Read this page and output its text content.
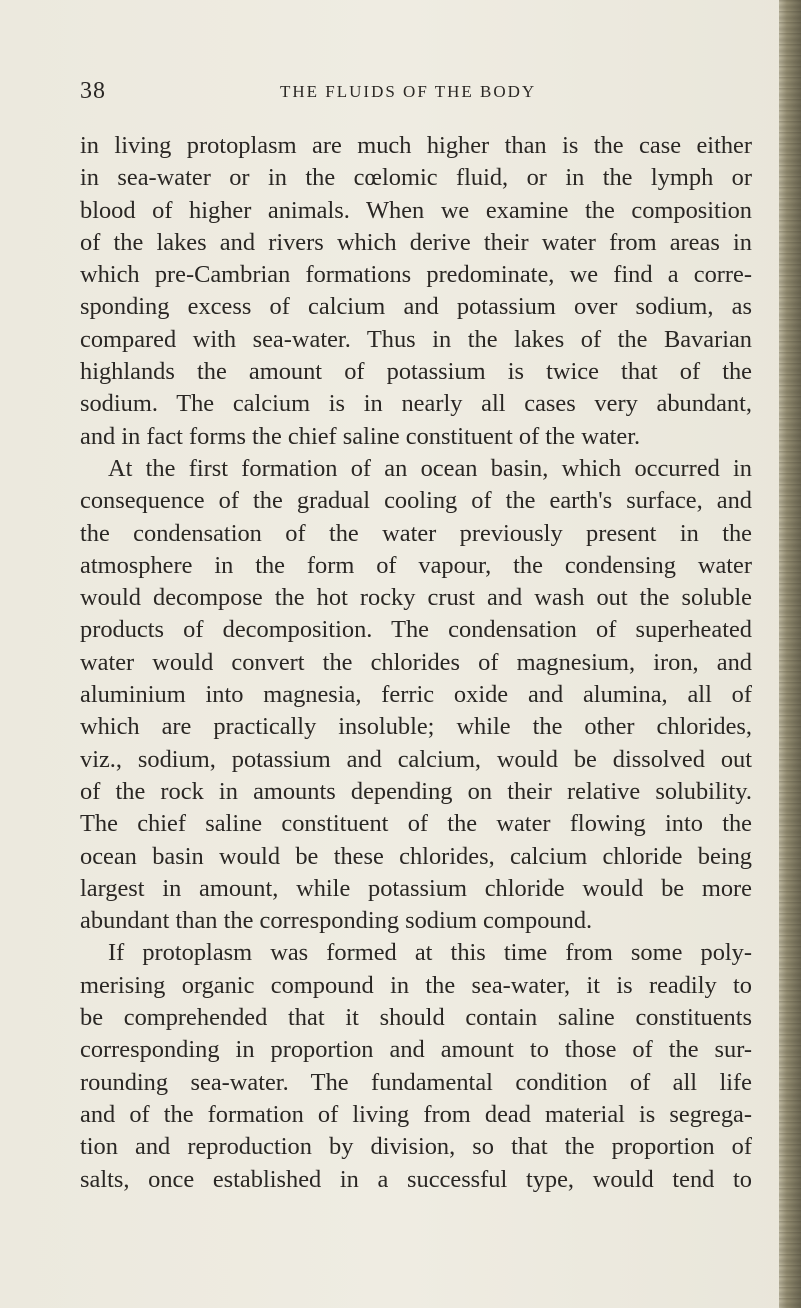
38	THE FLUIDS OF THE BODY
in living protoplasm are much higher than is the case either
in sea-water or in the cœlomic fluid, or in the lymph or
blood of higher animals. When we examine the composition
of the lakes and rivers which derive their water from areas in
which pre-Cambrian formations predominate, we find a corre-
sponding excess of calcium and potassium over sodium, as
compared with sea-water. Thus in the lakes of the Bavarian
highlands the amount of potassium is twice that of the
sodium. The calcium is in nearly all cases very abundant,
and in fact forms the chief saline constituent of the water.
At the first formation of an ocean basin, which occurred in
consequence of the gradual cooling of the earth's surface, and
the condensation of the water previously present in the
atmosphere in the form of vapour, the condensing water
would decompose the hot rocky crust and wash out the soluble
products of decomposition. The condensation of superheated
water would convert the chlorides of magnesium, iron, and
aluminium into magnesia, ferric oxide and alumina, all of
which are practically insoluble; while the other chlorides,
viz., sodium, potassium and calcium, would be dissolved out
of the rock in amounts depending on their relative solubility.
The chief saline constituent of the water flowing into the
ocean basin would be these chlorides, calcium chloride being
largest in amount, while potassium chloride would be more
abundant than the corresponding sodium compound.
If protoplasm was formed at this time from some poly-
merising organic compound in the sea-water, it is readily to
be comprehended that it should contain saline constituents
corresponding in proportion and amount to those of the sur-
rounding sea-water. The fundamental condition of all life
and of the formation of living from dead material is segrega-
tion and reproduction by division, so that the proportion of
salts, once established in a successful type, would tend to
